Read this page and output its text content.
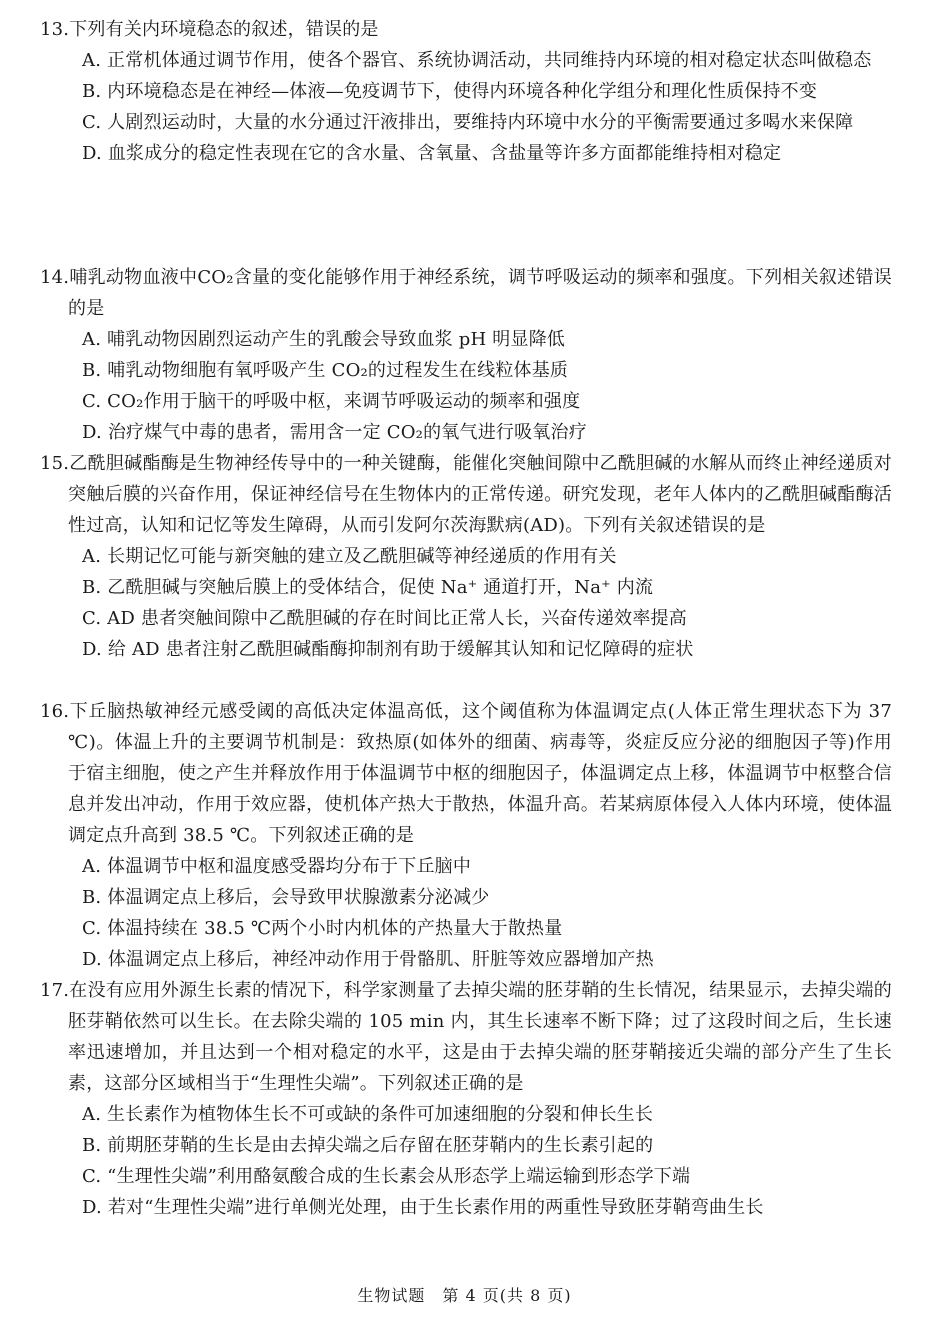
13.下列有关内环境稳态的叙述，错误的是
A. 正常机体通过调节作用，使各个器官、系统协调活动，共同维持内环境的相对稳定状态叫做稳态
B. 内环境稳态是在神经—体液—免疫调节下，使得内环境各种化学组分和理化性质保持不变
C. 人剧烈运动时，大量的水分通过汗液排出，要维持内环境中水分的平衡需要通过多喝水来保障
D. 血浆成分的稳定性表现在它的含水量、含氧量、含盐量等许多方面都能维持相对稳定
14.哺乳动物血液中CO₂含量的变化能够作用于神经系统，调节呼吸运动的频率和强度。下列相关叙述错误的是
A. 哺乳动物因剧烈运动产生的乳酸会导致血浆 pH 明显降低
B. 哺乳动物细胞有氧呼吸产生 CO₂的过程发生在线粒体基质
C. CO₂作用于脑干的呼吸中枢，来调节呼吸运动的频率和强度
D. 治疗煤气中毒的患者，需用含一定 CO₂的氧气进行吸氧治疗
15.乙酰胆碱酯酶是生物神经传导中的一种关键酶，能催化突触间隙中乙酰胆碱的水解从而终止神经递质对突触后膜的兴奋作用，保证神经信号在生物体内的正常传递。研究发现，老年人体内的乙酰胆碱酯酶活性过高，认知和记忆等发生障碍，从而引发阿尔茨海默病(AD)。下列有关叙述错误的是
A. 长期记忆可能与新突触的建立及乙酰胆碱等神经递质的作用有关
B. 乙酰胆碱与突触后膜上的受体结合，促使 Na⁺ 通道打开，Na⁺ 内流
C. AD 患者突触间隙中乙酰胆碱的存在时间比正常人长，兴奋传递效率提高
D. 给 AD 患者注射乙酰胆碱酯酶抑制剂有助于缓解其认知和记忆障碍的症状
16.下丘脑热敏神经元感受阈的高低决定体温高低，这个阈值称为体温调定点(人体正常生理状态下为 37 ℃)。体温上升的主要调节机制是：致热原(如体外的细菌、病毒等，炎症反应分泌的细胞因子等)作用于宿主细胞，使之产生并释放作用于体温调节中枢的细胞因子，体温调定点上移，体温调节中枢整合信息并发出冲动，作用于效应器，使机体产热大于散热，体温升高。若某病原体侵入人体内环境，使体温调定点升高到 38.5 ℃。下列叙述正确的是
A. 体温调节中枢和温度感受器均分布于下丘脑中
B. 体温调定点上移后，会导致甲状腺激素分泌减少
C. 体温持续在 38.5 ℃两个小时内机体的产热量大于散热量
D. 体温调定点上移后，神经冲动作用于骨骼肌、肝脏等效应器增加产热
17.在没有应用外源生长素的情况下，科学家测量了去掉尖端的胚芽鞘的生长情况，结果显示，去掉尖端的胚芽鞘依然可以生长。在去除尖端的 105 min 内，其生长速率不断下降；过了这段时间之后，生长速率迅速增加，并且达到一个相对稳定的水平，这是由于去掉尖端的胚芽鞘接近尖端的部分产生了生长素，这部分区域相当于“生理性尖端”。下列叙述正确的是
A. 生长素作为植物体生长不可或缺的条件可加速细胞的分裂和伸长生长
B. 前期胚芽鞘的生长是由去掉尖端之后存留在胚芽鞘内的生长素引起的
C. “生理性尖端”利用酪氨酸合成的生长素会从形态学上端运输到形态学下端
D. 若对“生理性尖端”进行单侧光处理，由于生长素作用的两重性导致胚芽鞘弯曲生长
生物试题　第 4 页(共 8 页)
